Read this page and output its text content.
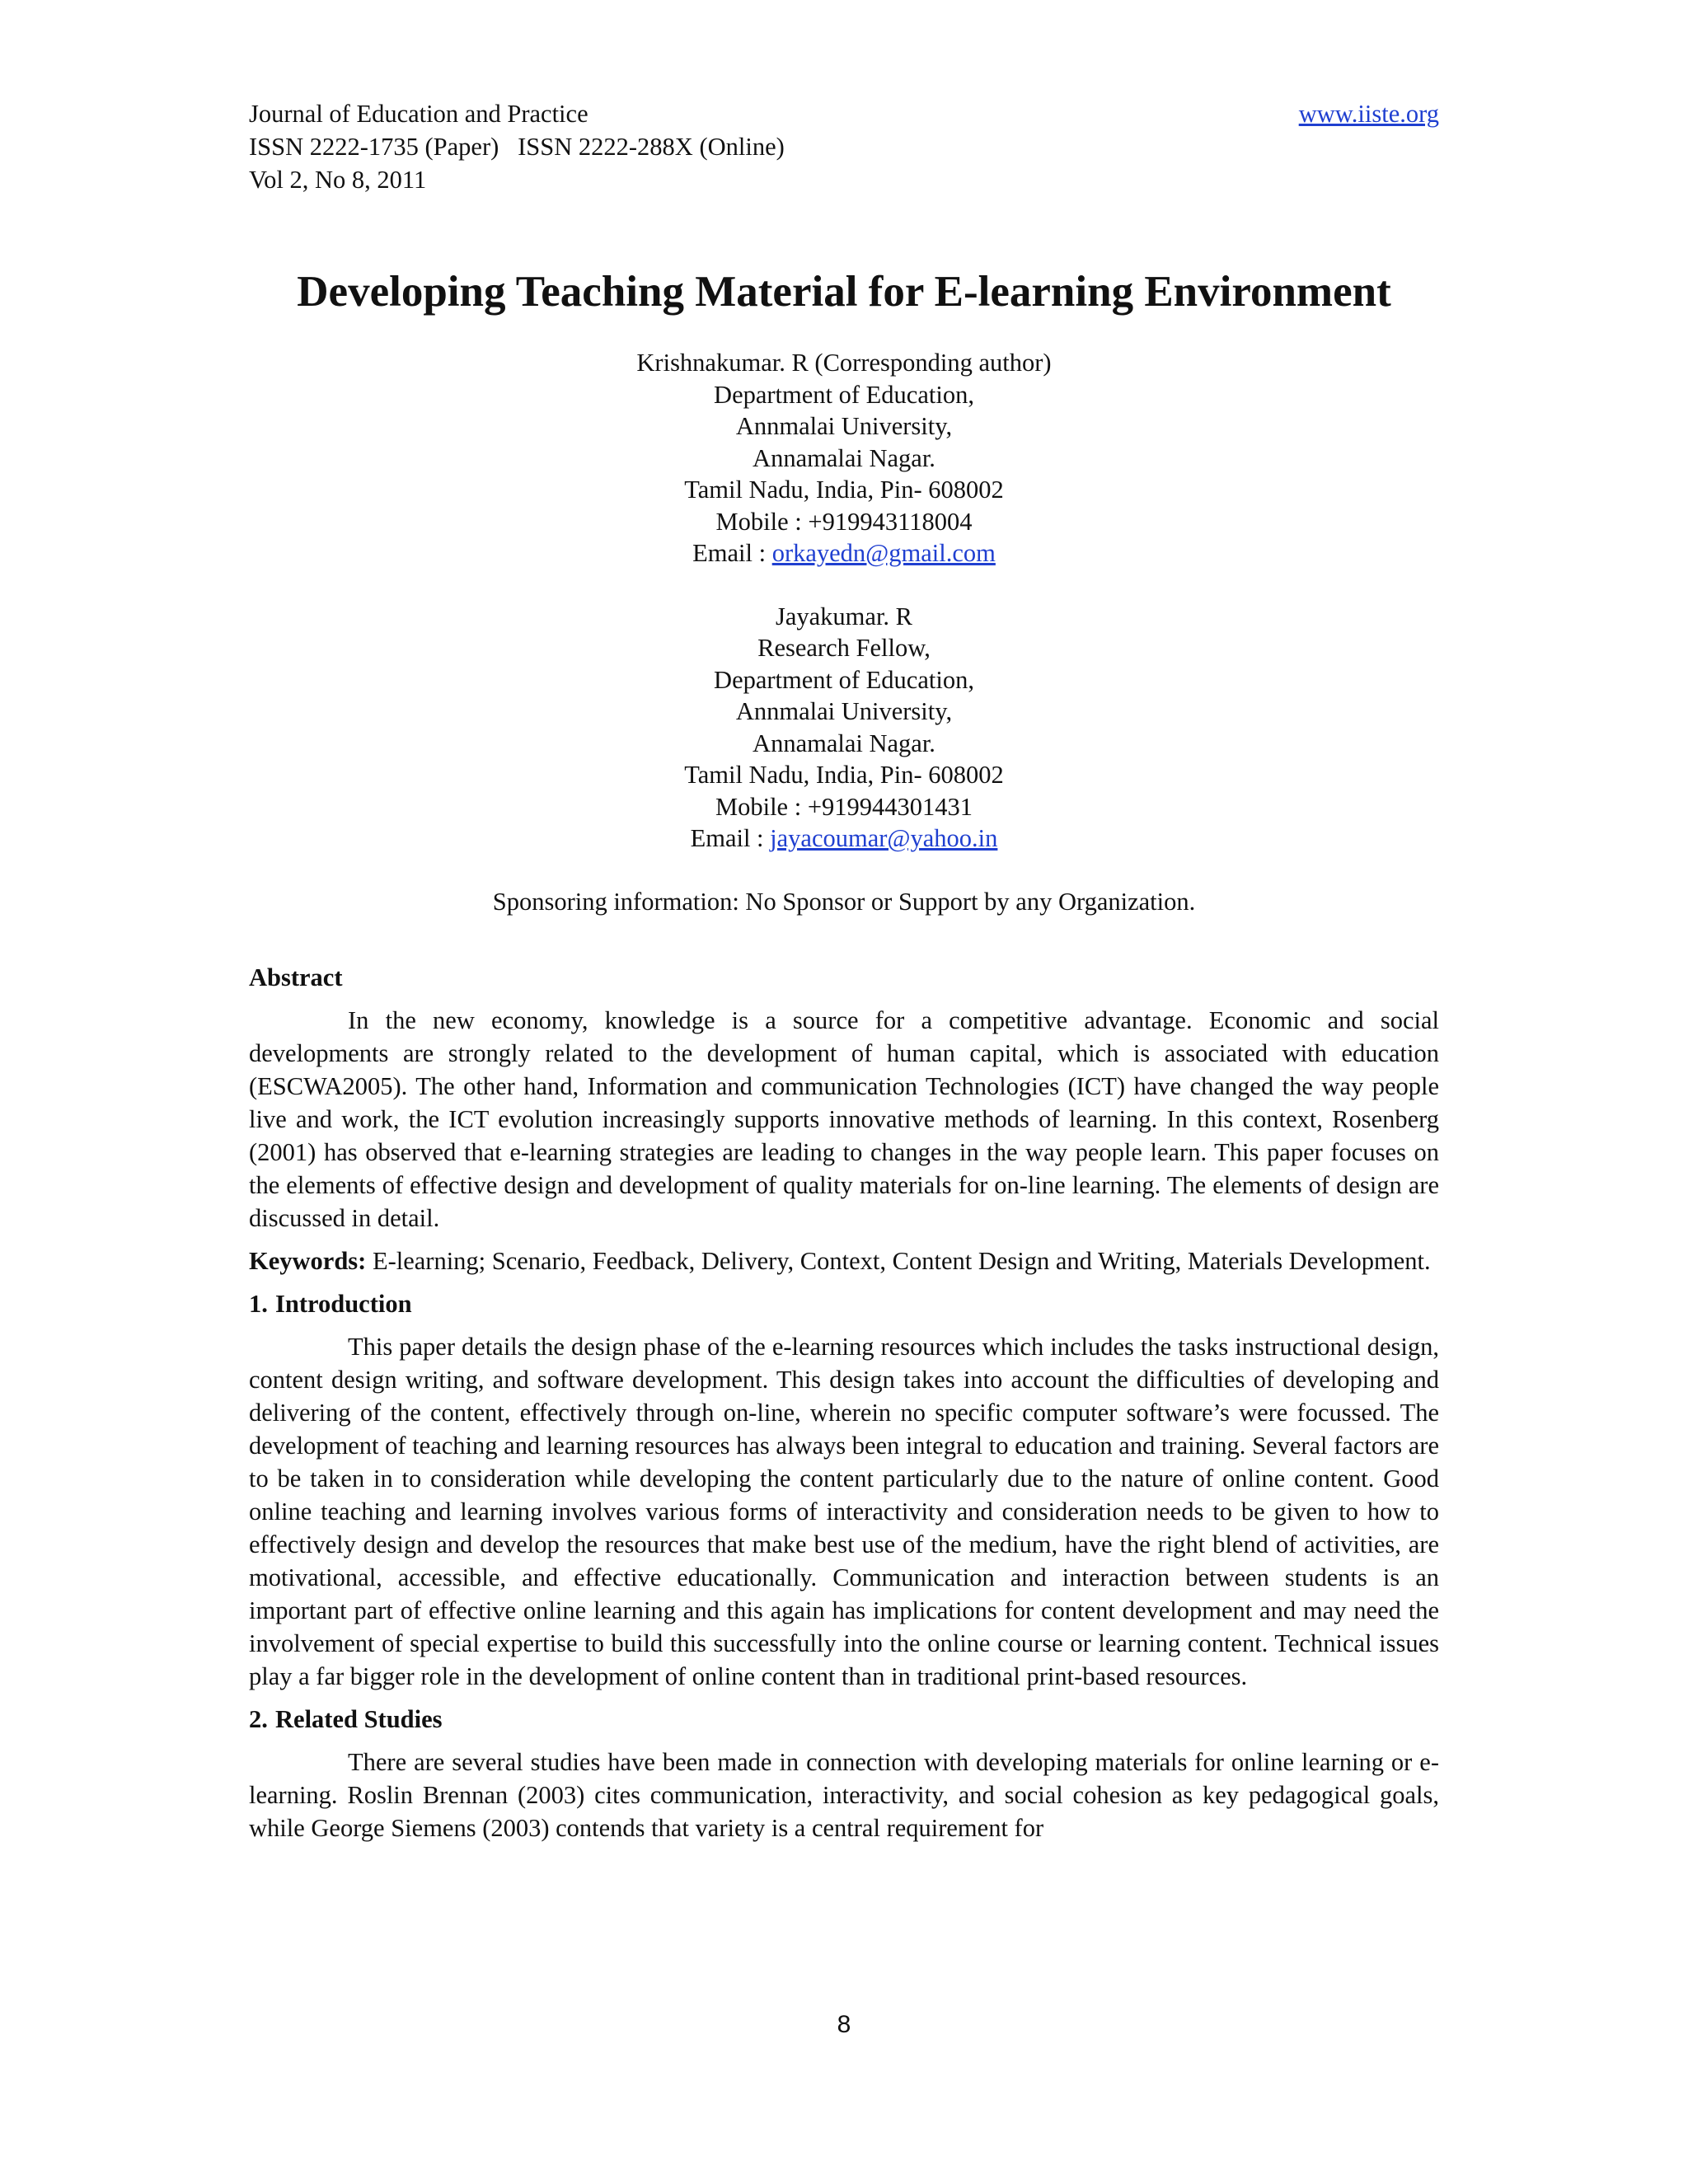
Journal of Education and Practice	www.iiste.org
ISSN 2222-1735 (Paper)   ISSN 2222-288X (Online)
Vol 2, No 8, 2011
Developing Teaching Material for E-learning Environment
Krishnakumar. R (Corresponding author)
Department of Education,
Annmalai University,
Annamalai Nagar.
Tamil Nadu, India, Pin- 608002
Mobile : +919943118004
Email : orkayedn@gmail.com
Jayakumar. R
Research Fellow,
Department of Education,
Annmalai University,
Annamalai Nagar.
Tamil Nadu, India, Pin- 608002
Mobile : +919944301431
Email : jayacoumar@yahoo.in
Sponsoring information: No Sponsor or Support by any Organization.

Abstract

In the new economy, knowledge is a source for a competitive advantage. Economic and social developments are strongly related to the development of human capital, which is associated with education (ESCWA2005). The other hand, Information and communication Technologies (ICT) have changed the way people live and work, the ICT evolution increasingly supports innovative methods of learning. In this context, Rosenberg (2001) has observed that e-learning strategies are leading to changes in the way people learn. This paper focuses on the elements of effective design and development of quality materials for on-line learning. The elements of design are discussed in detail.

Keywords: E-learning; Scenario, Feedback, Delivery, Context, Content Design and Writing, Materials Development.

1. Introduction

This paper details the design phase of the e-learning resources which includes the tasks instructional design, content design writing, and software development. This design takes into account the difficulties of developing and delivering of the content, effectively through on-line, wherein no specific computer software’s were focussed. The development of teaching and learning resources has always been integral to education and training. Several factors are to be taken in to consideration while developing the content particularly due to the nature of online content. Good online teaching and learning involves various forms of interactivity and consideration needs to be given to how to effectively design and develop the resources that make best use of the medium, have the right blend of activities, are motivational, accessible, and effective educationally. Communication and interaction between students is an important part of effective online learning and this again has implications for content development and may need the involvement of special expertise to build this successfully into the online course or learning content. Technical issues play a far bigger role in the development of online content than in traditional print-based resources.

2. Related Studies

There are several studies have been made in connection with developing materials for online learning or e-learning. Roslin Brennan (2003) cites communication, interactivity, and social cohesion as key pedagogical goals, while George Siemens (2003) contends that variety is a central requirement for

8
